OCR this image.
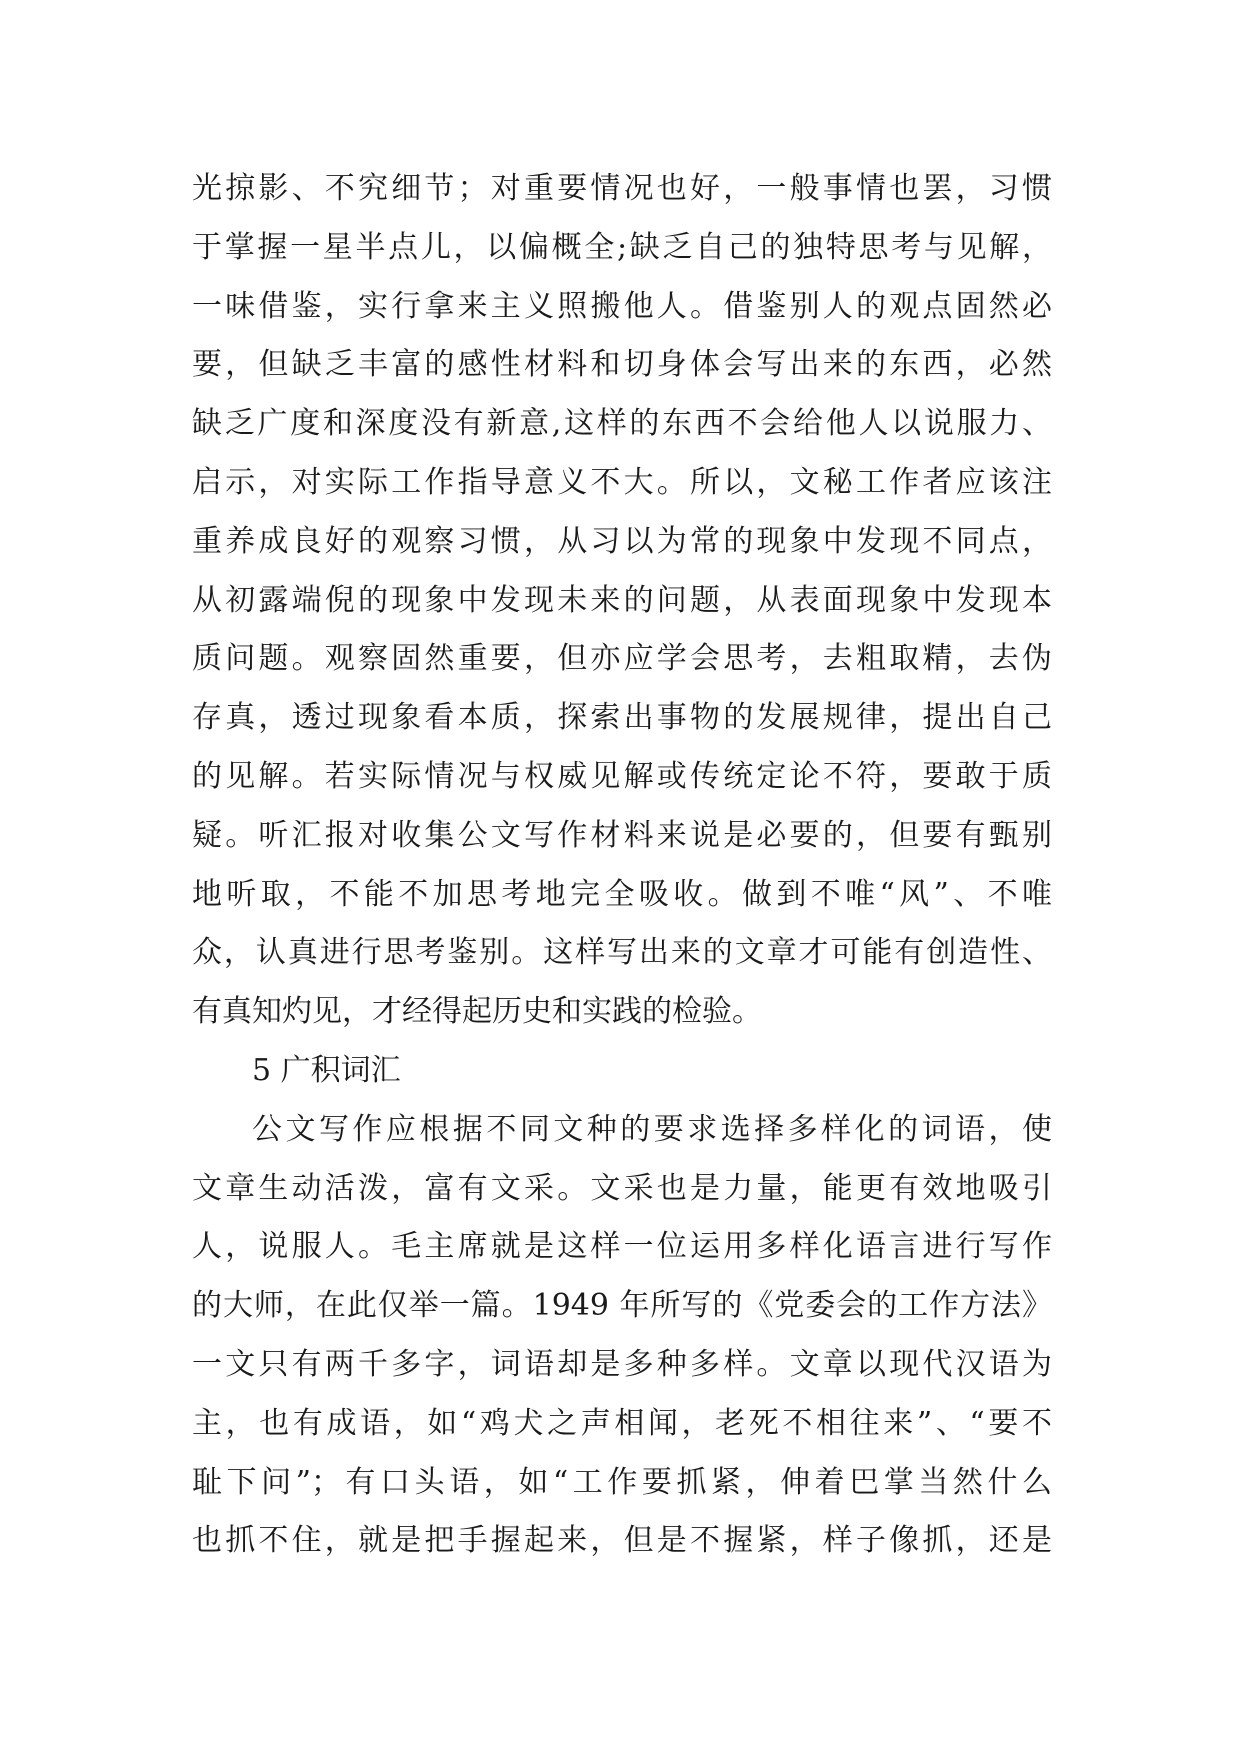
光掠影、不究细节；对重要情况也好，一般事情也罢，习惯
于掌握一星半点儿，以偏概全;缺乏自己的独特思考与见解，
一味借鉴，实行拿来主义照搬他人。借鉴别人的观点固然必
要，但缺乏丰富的感性材料和切身体会写出来的东西，必然
缺乏广度和深度没有新意,这样的东西不会给他人以说服力、
启示，对实际工作指导意义不大。所以，文秘工作者应该注
重养成良好的观察习惯，从习以为常的现象中发现不同点，
从初露端倪的现象中发现未来的问题，从表面现象中发现本
质问题。观察固然重要，但亦应学会思考，去粗取精，去伪
存真，透过现象看本质，探索出事物的发展规律，提出自己
的见解。若实际情况与权威见解或传统定论不符，要敢于质
疑。听汇报对收集公文写作材料来说是必要的，但要有甄别
地听取，不能不加思考地完全吸收。做到不唯“风”、不唯
众，认真进行思考鉴别。这样写出来的文章才可能有创造性、
有真知灼见，才经得起历史和实践的检验。
5 广积词汇
公文写作应根据不同文种的要求选择多样化的词语，使
文章生动活泼，富有文采。文采也是力量，能更有效地吸引
人，说服人。毛主席就是这样一位运用多样化语言进行写作
的大师，在此仅举一篇。1949 年所写的《党委会的工作方法》
一文只有两千多字，词语却是多种多样。文章以现代汉语为
主，也有成语，如“鸡犬之声相闻，老死不相往来”、“要不
耻下问”；有口头语，如“工作要抓紧，伸着巴掌当然什么
也抓不住，就是把手握起来，但是不握紧，样子像抓，还是
